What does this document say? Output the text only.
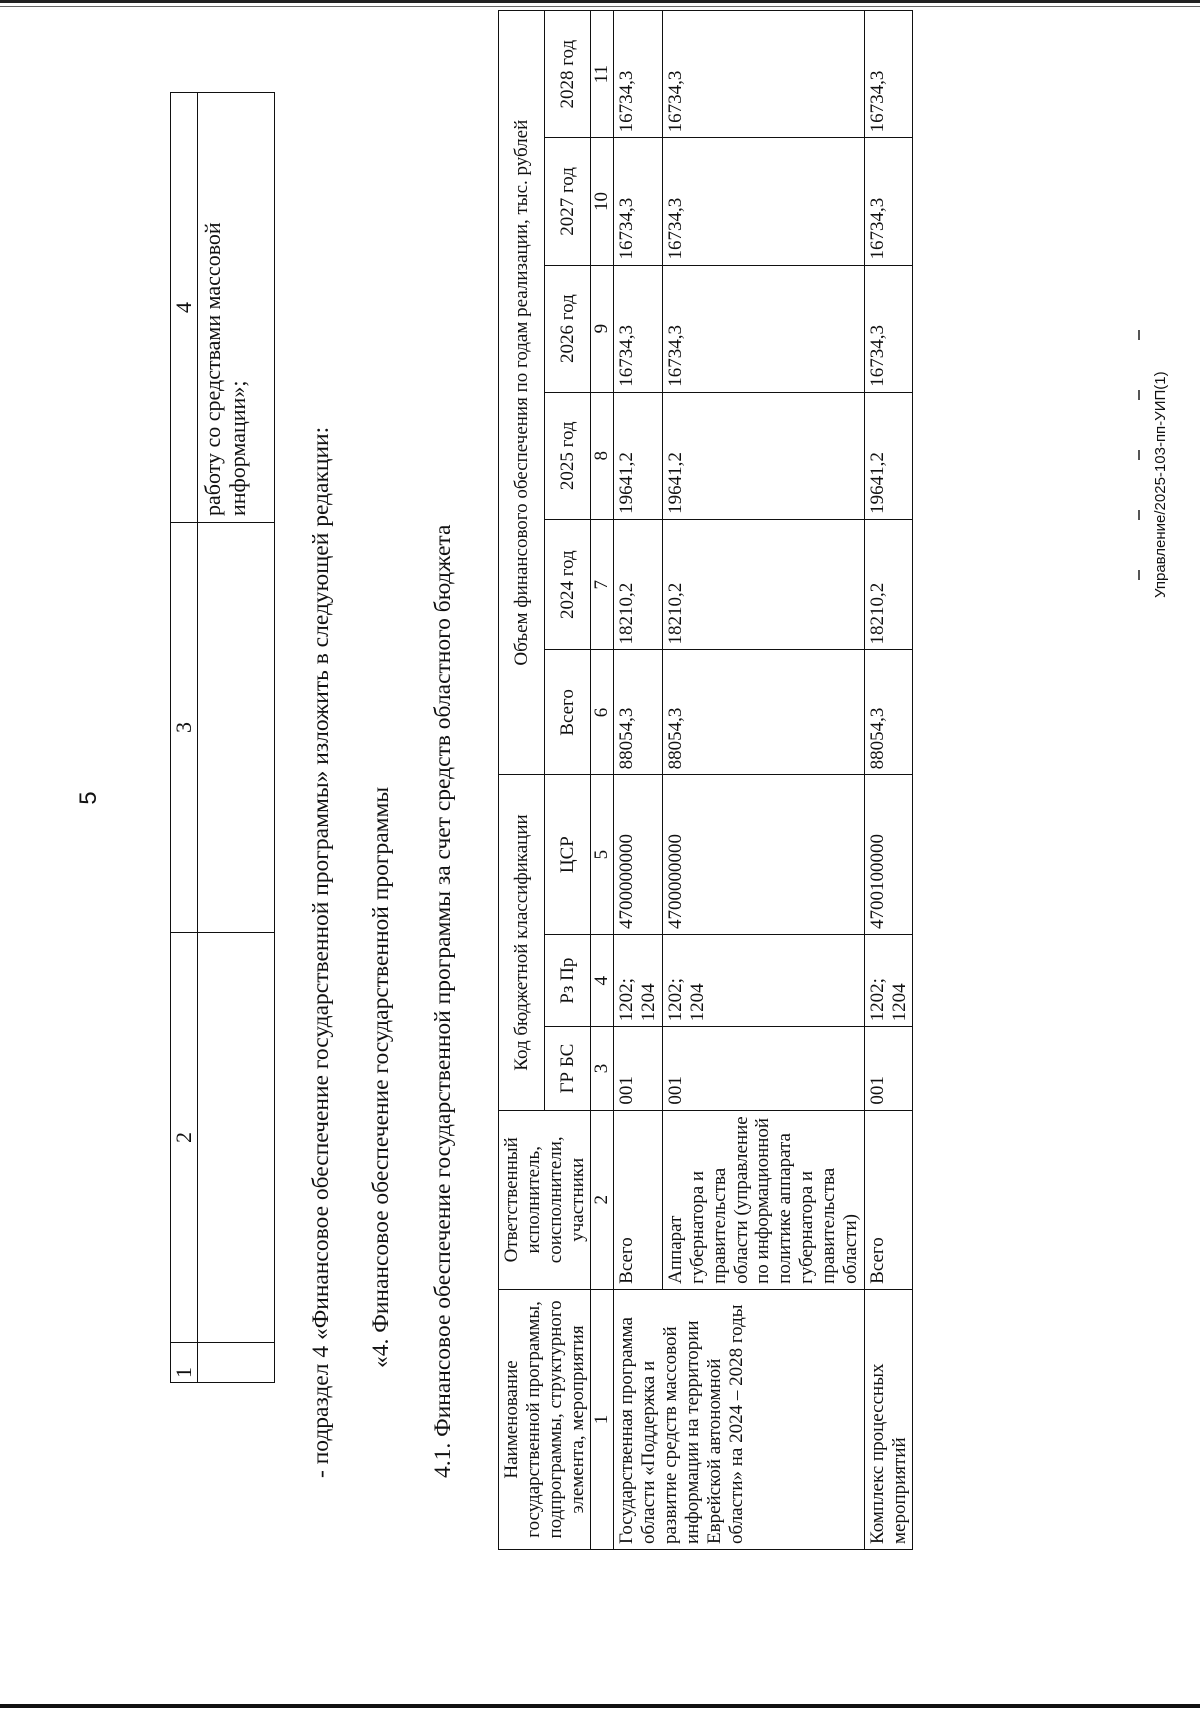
5
1	2	3	4
			работу со средствами массовой информации»; - подраздел 4 «Финансовое обеспечение государственной программы» изложить в следующей редакции: «4. Финансовое обеспечение государственной программы 4.1. Финансовое обеспечение государственной программы за счет средств областного бюджета Наименование государственной программы, подпрограммы, структурного элемента, мероприятия	Ответственный исполнитель, соисполнители, участники	Код бюджетной классификации			Объем финансового обеспечения по годам реализации, тыс. рублей					
		ГР БС	Рз Пр	ЦСР	Всего	2024 год	2025 год	2026 год	2027 год	2028 год
1	2	3	4	5	6	7	8	9	10	11
Государственная программа области «Поддержка и развитие средств массовой информации на территории Еврейской автономной области» на 2024 – 2028 годы	Всего	001	1202; 1204	4700000000	88054,3	18210,2	19641,2	16734,3	16734,3	16734,3
	Аппарат губернатора и правительства области (управление по информационной политике аппарата губернатора и правительства области)	001	1202; 1204	4700000000	88054,3	18210,2	19641,2	16734,3	16734,3	16734,3
Комплекс процессных мероприятий	Всего	001	1202; 1204	4700100000	88054,3	18210,2	19641,2	16734,3	16734,3	16734,3
Управление/2025-103-пп-УИП(1)
